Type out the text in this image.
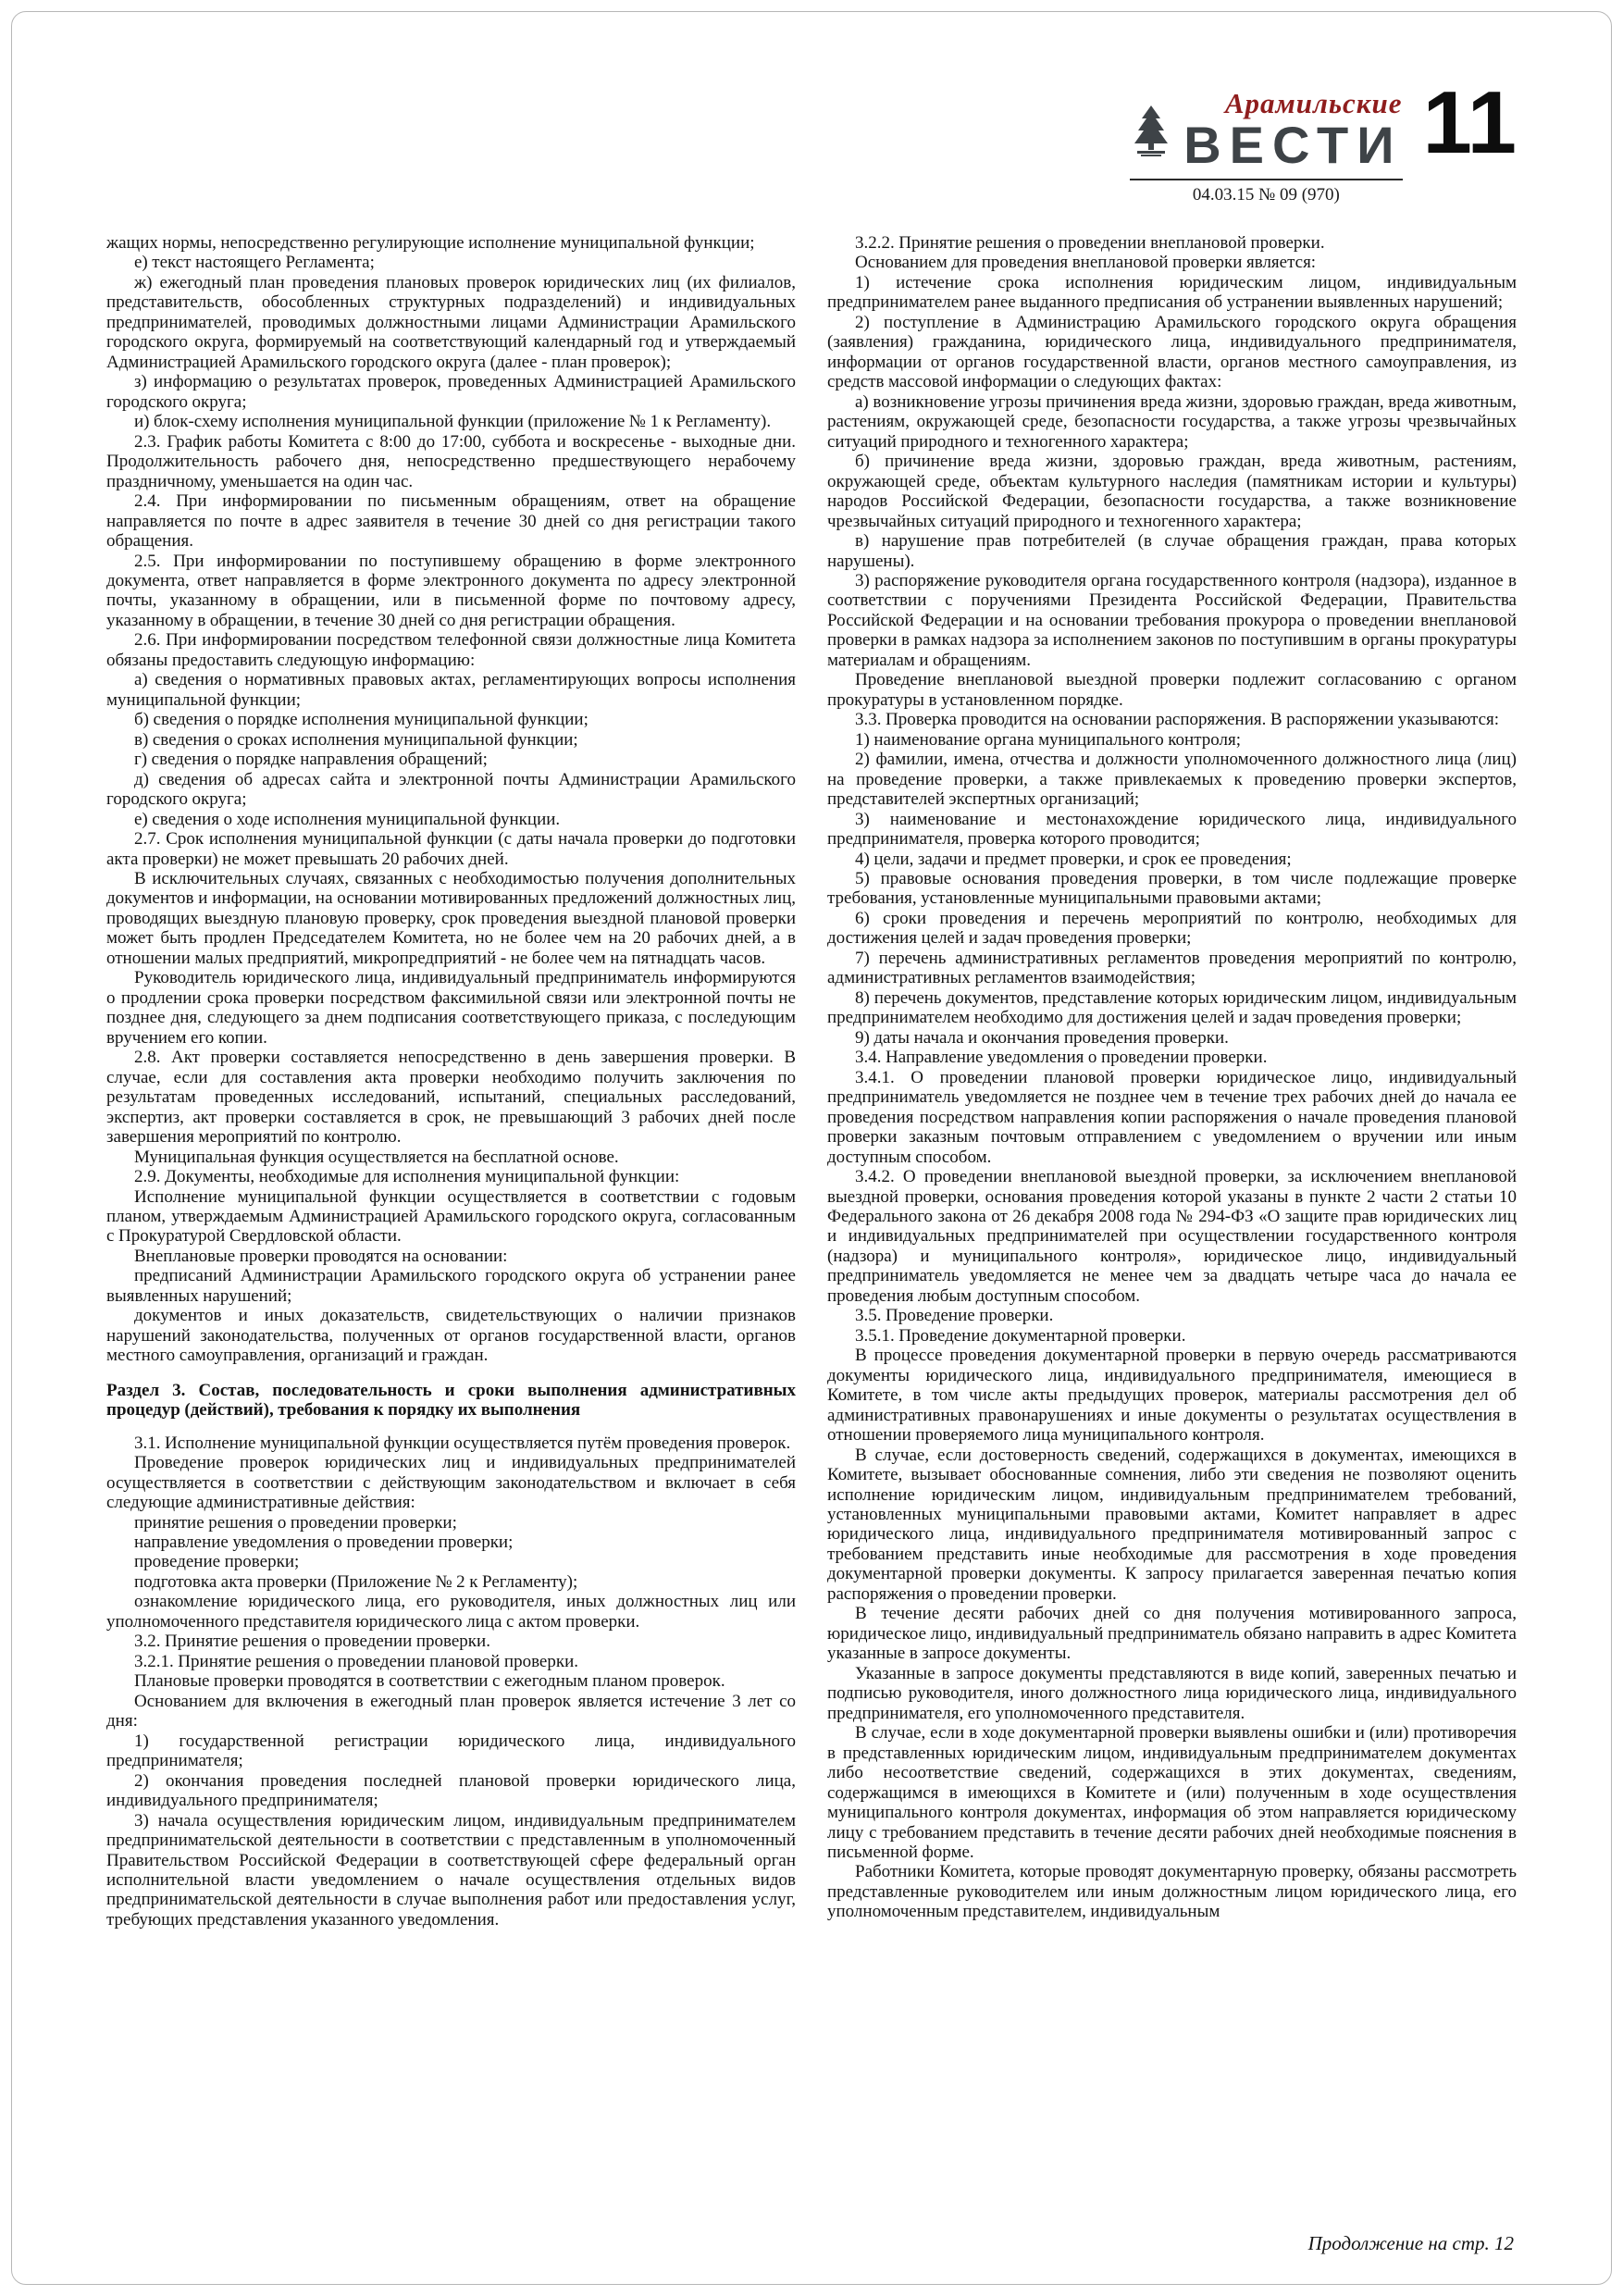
Арамильские
ВЕСТИ
04.03.15 № 09 (970)
11

жащих нормы, непосредственно регулирующие исполнение муниципальной функции;

е) текст настоящего Регламента;

ж) ежегодный план проведения плановых проверок юридических лиц (их филиалов, представительств, обособленных структурных подразделений) и индивидуальных предпринимателей, проводимых должностными лицами Администрации Арамильского городского округа, формируемый на соответствующий календарный год и утверждаемый Администрацией Арамильского городского округа (далее - план проверок);

з) информацию о результатах проверок, проведенных Администрацией Арамильского городского округа;

и) блок-схему исполнения муниципальной функции (приложение № 1 к Регламенту).

2.3. График работы Комитета с 8:00 до 17:00, суббота и воскресенье - выходные дни. Продолжительность рабочего дня, непосредственно предшествующего нерабочему праздничному, уменьшается на один час.

2.4. При информировании по письменным обращениям, ответ на обращение направляется по почте в адрес заявителя в течение 30 дней со дня регистрации такого обращения.

2.5. При информировании по поступившему обращению в форме электронного документа, ответ направляется в форме электронного документа по адресу электронной почты, указанному в обращении, или в письменной форме по почтовому адресу, указанному в обращении, в течение 30 дней со дня регистрации обращения.

2.6. При информировании посредством телефонной связи должностные лица Комитета обязаны предоставить следующую информацию:

а) сведения о нормативных правовых актах, регламентирующих вопросы исполнения муниципальной функции;

б) сведения о порядке исполнения муниципальной функции;

в) сведения о сроках исполнения муниципальной функции;

г) сведения о порядке направления обращений;

д) сведения об адресах сайта и электронной почты Администрации Арамильского городского округа;

е) сведения о ходе исполнения муниципальной функции.

2.7. Срок исполнения муниципальной функции (с даты начала проверки до подготовки акта проверки) не может превышать 20 рабочих дней.

В исключительных случаях, связанных с необходимостью получения дополнительных документов и информации, на основании мотивированных предложений должностных лиц, проводящих выездную плановую проверку, срок проведения выездной плановой проверки может быть продлен Председателем Комитета, но не более чем на 20 рабочих дней, а в отношении малых предприятий, микропредприятий - не более чем на пятнадцать часов.

Руководитель юридического лица, индивидуальный предприниматель информируются о продлении срока проверки посредством факсимильной связи или электронной почты не позднее дня, следующего за днем подписания соответствующего приказа, с последующим вручением его копии.

2.8. Акт проверки составляется непосредственно в день завершения проверки. В случае, если для составления акта проверки необходимо получить заключения по результатам проведенных исследований, испытаний, специальных расследований, экспертиз, акт проверки составляется в срок, не превышающий 3 рабочих дней после завершения мероприятий по контролю.

Муниципальная функция осуществляется на бесплатной основе.

2.9. Документы, необходимые для исполнения муниципальной функции:

Исполнение муниципальной функции осуществляется в соответствии с годовым планом, утверждаемым Администрацией Арамильского городского округа, согласованным с Прокуратурой Свердловской области.

Внеплановые проверки проводятся на основании:

предписаний Администрации Арамильского городского округа об устранении ранее выявленных нарушений;

документов и иных доказательств, свидетельствующих о наличии признаков нарушений законодательства, полученных от органов государственной власти, органов местного самоуправления, организаций и граждан.

Раздел 3. Состав, последовательность и сроки выполнения административных процедур (действий), требования к порядку их выполнения

3.1. Исполнение муниципальной функции осуществляется путём проведения проверок.

Проведение проверок юридических лиц и индивидуальных предпринимателей осуществляется в соответствии с действующим законодательством и включает в себя следующие административные действия:

принятие решения о проведении проверки;

направление уведомления о проведении проверки;

проведение проверки;

подготовка акта проверки (Приложение № 2 к Регламенту);

ознакомление юридического лица, его руководителя, иных должностных лиц или уполномоченного представителя юридического лица с актом проверки.

3.2. Принятие решения о проведении проверки.

3.2.1. Принятие решения о проведении плановой проверки.

Плановые проверки проводятся в соответствии с ежегодным планом проверок.

Основанием для включения в ежегодный план проверок является истечение 3 лет со дня:

1) государственной регистрации юридического лица, индивидуального предпринимателя;

2) окончания проведения последней плановой проверки юридического лица, индивидуального предпринимателя;

3) начала осуществления юридическим лицом, индивидуальным предпринимателем предпринимательской деятельности в соответствии с представленным в уполномоченный Правительством Российской Федерации в соответствующей сфере федеральный орган исполнительной власти уведомлением о начале осуществления отдельных видов предпринимательской деятельности в случае выполнения работ или предоставления услуг, требующих представления указанного уведомления.

3.2.2. Принятие решения о проведении внеплановой проверки.

Основанием для проведения внеплановой проверки является:

1) истечение срока исполнения юридическим лицом, индивидуальным предпринимателем ранее выданного предписания об устранении выявленных нарушений;

2) поступление в Администрацию Арамильского городского округа обращения (заявления) гражданина, юридического лица, индивидуального предпринимателя, информации от органов государственной власти, органов местного самоуправления, из средств массовой информации о следующих фактах:

а) возникновение угрозы причинения вреда жизни, здоровью граждан, вреда животным, растениям, окружающей среде, безопасности государства, а также угрозы чрезвычайных ситуаций природного и техногенного характера;

б) причинение вреда жизни, здоровью граждан, вреда животным, растениям, окружающей среде, объектам культурного наследия (памятникам истории и культуры) народов Российской Федерации, безопасности государства, а также возникновение чрезвычайных ситуаций природного и техногенного характера;

в) нарушение прав потребителей (в случае обращения граждан, права которых нарушены).

3) распоряжение руководителя органа государственного контроля (надзора), изданное в соответствии с поручениями Президента Российской Федерации, Правительства Российской Федерации и на основании требования прокурора о проведении внеплановой проверки в рамках надзора за исполнением законов по поступившим в органы прокуратуры материалам и обращениям.

Проведение внеплановой выездной проверки подлежит согласованию с органом прокуратуры в установленном порядке.

3.3. Проверка проводится на основании распоряжения. В распоряжении указываются:

1) наименование органа муниципального контроля;

2) фамилии, имена, отчества и должности уполномоченного должностного лица (лиц) на проведение проверки, а также привлекаемых к проведению проверки экспертов, представителей экспертных организаций;

3) наименование и местонахождение юридического лица, индивидуального предпринимателя, проверка которого проводится;

4) цели, задачи и предмет проверки, и срок ее проведения;

5) правовые основания проведения проверки, в том числе подлежащие проверке требования, установленные муниципальными правовыми актами;

6) сроки проведения и перечень мероприятий по контролю, необходимых для достижения целей и задач проведения проверки;

7) перечень административных регламентов проведения мероприятий по контролю, административных регламентов взаимодействия;

8) перечень документов, представление которых юридическим лицом, индивидуальным предпринимателем необходимо для достижения целей и задач проведения проверки;

9) даты начала и окончания проведения проверки.

3.4. Направление уведомления о проведении проверки.

3.4.1. О проведении плановой проверки юридическое лицо, индивидуальный предприниматель уведомляется не позднее чем в течение трех рабочих дней до начала ее проведения посредством направления копии распоряжения о начале проведения плановой проверки заказным почтовым отправлением с уведомлением о вручении или иным доступным способом.

3.4.2. О проведении внеплановой выездной проверки, за исключением внеплановой выездной проверки, основания проведения которой указаны в пункте 2 части 2 статьи 10 Федерального закона от 26 декабря 2008 года № 294-ФЗ «О защите прав юридических лиц и индивидуальных предпринимателей при осуществлении государственного контроля (надзора) и муниципального контроля», юридическое лицо, индивидуальный предприниматель уведомляется не менее чем за двадцать четыре часа до начала ее проведения любым доступным способом.

3.5. Проведение проверки.

3.5.1. Проведение документарной проверки.

В процессе проведения документарной проверки в первую очередь рассматриваются документы юридического лица, индивидуального предпринимателя, имеющиеся в Комитете, в том числе акты предыдущих проверок, материалы рассмотрения дел об административных правонарушениях и иные документы о результатах осуществления в отношении проверяемого лица муниципального контроля.

В случае, если достоверность сведений, содержащихся в документах, имеющихся в Комитете, вызывает обоснованные сомнения, либо эти сведения не позволяют оценить исполнение юридическим лицом, индивидуальным предпринимателем требований, установленных муниципальными правовыми актами, Комитет направляет в адрес юридического лица, индивидуального предпринимателя мотивированный запрос с требованием представить иные необходимые для рассмотрения в ходе проведения документарной проверки документы. К запросу прилагается заверенная печатью копия распоряжения о проведении проверки.

В течение десяти рабочих дней со дня получения мотивированного запроса, юридическое лицо, индивидуальный предприниматель обязано направить в адрес Комитета указанные в запросе документы.

Указанные в запросе документы представляются в виде копий, заверенных печатью и подписью руководителя, иного должностного лица юридического лица, индивидуального предпринимателя, его уполномоченного представителя.

В случае, если в ходе документарной проверки выявлены ошибки и (или) противоречия в представленных юридическим лицом, индивидуальным предпринимателем документах либо несоответствие сведений, содержащихся в этих документах, сведениям, содержащимся в имеющихся в Комитете и (или) полученным в ходе осуществления муниципального контроля документах, информация об этом направляется юридическому лицу с требованием представить в течение десяти рабочих дней необходимые пояснения в письменной форме.

Работники Комитета, которые проводят документарную проверку, обязаны рассмотреть представленные руководителем или иным должностным лицом юридического лица, его уполномоченным представителем, индивидуальным

Продолжение на стр. 12
